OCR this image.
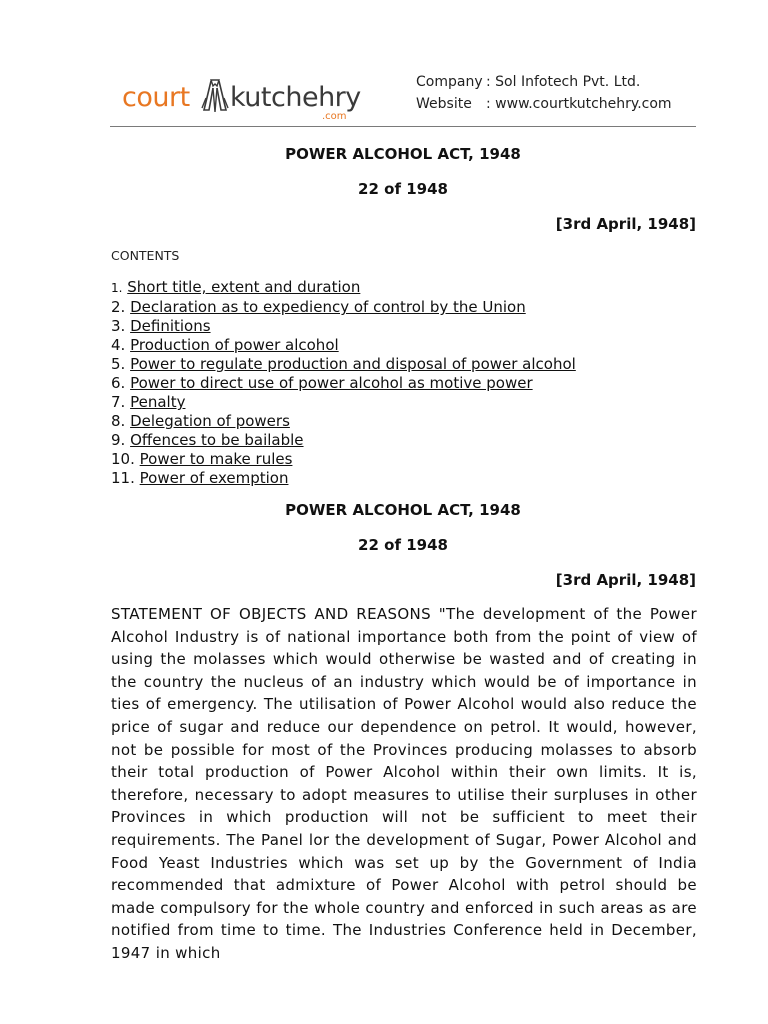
court kutchehry
.com
Company : Sol Infotech Pvt. Ltd.
Website : www.courtkutchehry.com
POWER ALCOHOL ACT, 1948
22 of 1948
[3rd April, 1948]
CONTENTS
1. Short title, extent and duration
2. Declaration as to expediency of control by the Union
3. Definitions
4. Production of power alcohol
5. Power to regulate production and disposal of power alcohol
6. Power to direct use of power alcohol as motive power
7. Penalty
8. Delegation of powers
9. Offences to be bailable
10. Power to make rules
11. Power of exemption
POWER ALCOHOL ACT, 1948
22 of 1948
[3rd April, 1948]
STATEMENT OF OBJECTS AND REASONS "The development of the Power Alcohol Industry is of national importance both from the point of view of using the molasses which would otherwise be wasted and of creating in the country the nucleus of an industry which would be of importance in ties of emergency. The utilisation of Power Alcohol would also reduce the price of sugar and reduce our dependence on petrol. It would, however, not be possible for most of the Provinces producing molasses to absorb their total production of Power Alcohol within their own limits. It is, therefore, necessary to adopt measures to utilise their surpluses in other Provinces in which production will not be sufficient to meet their requirements. The Panel lor the development of Sugar, Power Alcohol and Food Yeast Industries which was set up by the Government of India recommended that admixture of Power Alcohol with petrol should be made compulsory for the whole country and enforced in such areas as are notified from time to time. The Industries Conference held in December, 1947 in which
